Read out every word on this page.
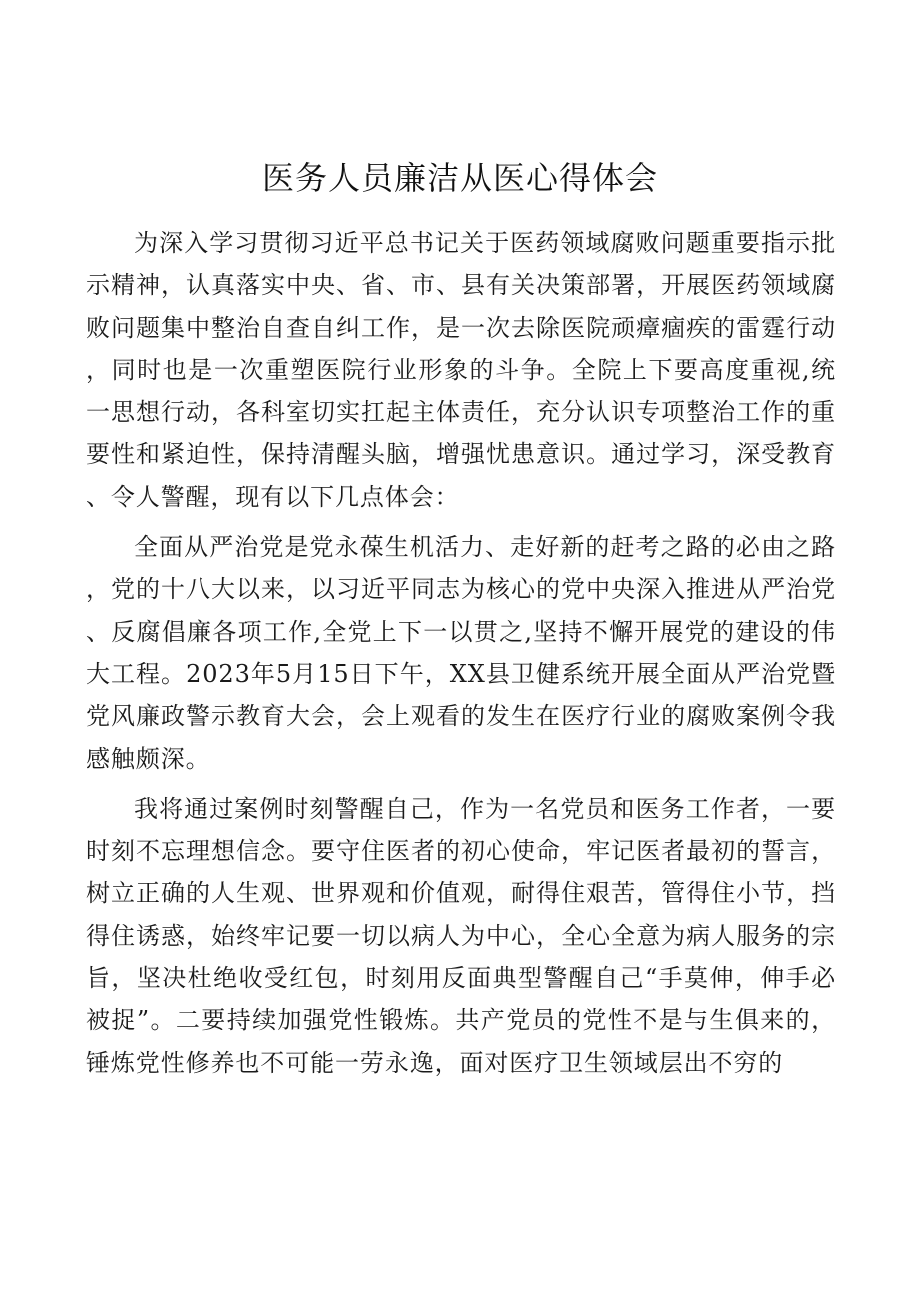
医务人员廉洁从医心得体会

为深入学习贯彻习近平总书记关于医药领域腐败问题重要指示批示精神，认真落实中央、省、市、县有关决策部署，开展医药领域腐败问题集中整治自查自纠工作，是一次去除医院顽瘴痼疾的雷霆行动，同时也是一次重塑医院行业形象的斗争。全院上下要高度重视,统一思想行动，各科室切实扛起主体责任，充分认识专项整治工作的重要性和紧迫性，保持清醒头脑，增强忧患意识。通过学习，深受教育、令人警醒，现有以下几点体会：

全面从严治党是党永葆生机活力、走好新的赶考之路的必由之路，党的十八大以来，以习近平同志为核心的党中央深入推进从严治党、反腐倡廉各项工作,全党上下一以贯之,坚持不懈开展党的建设的伟大工程。2023年5月15日下午，XX县卫健系统开展全面从严治党暨党风廉政警示教育大会，会上观看的发生在医疗行业的腐败案例令我感触颇深。

我将通过案例时刻警醒自己，作为一名党员和医务工作者，一要时刻不忘理想信念。要守住医者的初心使命，牢记医者最初的誓言，树立正确的人生观、世界观和价值观，耐得住艰苦，管得住小节，挡得住诱惑，始终牢记要一切以病人为中心，全心全意为病人服务的宗旨，坚决杜绝收受红包，时刻用反面典型警醒自己“手莫伸，伸手必被捉”。二要持续加强党性锻炼。共产党员的党性不是与生俱来的，锤炼党性修养也不可能一劳永逸，面对医疗卫生领域层出不穷的
